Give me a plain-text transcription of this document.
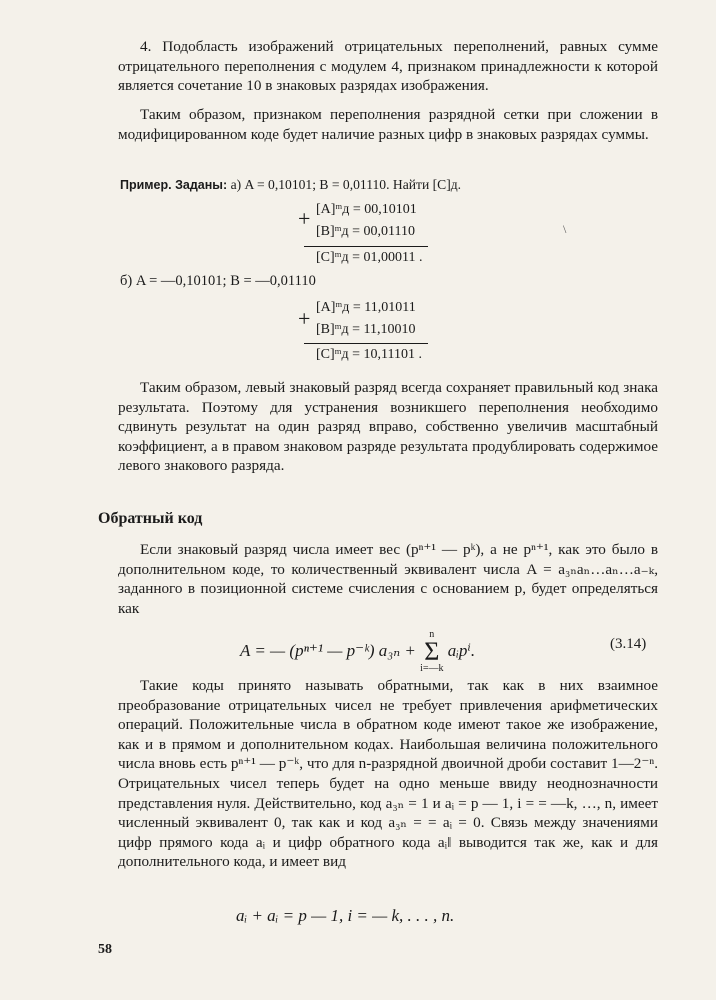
4. Подобласть изображений отрицательных переполнений, равных сумме отрицательного переполнения с модулем 4, признаком принадлежности к которой является сочетание 10 в знаковых разрядах изображения.

Таким образом, признаком переполнения разрядной сетки при сложении в модифицированном коде будет наличие разных цифр в знаковых разрядах суммы.

Пример. Заданы: а) A = 0,10101; B = 0,01110. Найти [C]д.
+ [A]ᵐд = 00,10101
[B]ᵐд = 00,01110
[C]ᵐд = 01,00011 .
\
б) A = —0,10101; B = —0,01110
+ [A]ᵐд = 11,01011
[B]ᵐд = 11,10010
[C]ᵐд = 10,11101 .

Таким образом, левый знаковый разряд всегда сохраняет правильный код знака результата. Поэтому для устранения возникшего переполнения необходимо сдвинуть результат на один разряд вправо, собственно увеличив масштабный коэффициент, а в правом знаковом разряде результата продублировать содержимое левого знакового разряда.

Обратный код

Если знаковый разряд числа имеет вес (pⁿ⁺¹ — pᵏ), а не pⁿ⁺¹, как это было в дополнительном коде, то количественный эквивалент числа A = a₃ₙaₙ…aₙ…a₋ₖ, заданного в позиционной системе счисления с основанием p, будет определяться как

A = — (pⁿ⁺¹ — p⁻ᵏ) a₃ₙ +
n
Σ
i=—k
aᵢpⁱ.	(3.14)

Такие коды принято называть обратными, так как в них взаимное преобразование отрицательных чисел не требует привлечения арифметических операций. Положительные числа в обратном коде имеют такое же изображение, как и в прямом и дополнительном кодах. Наибольшая величина положительного числа вновь есть pⁿ⁺¹ — p⁻ᵏ, что для n-разрядной двоичной дроби составит 1—2⁻ⁿ. Отрицательных чисел теперь будет на одно меньше ввиду неоднозначности представления нуля. Действительно, код a₃ₙ = 1 и aᵢ = p — 1, i = = —k, …, n, имеет численный эквивалент 0, так как и код a₃ₙ = = aᵢ = 0. Связь между значениями цифр прямого кода aᵢ и цифр обратного кода aᵢ‖ выводится так же, как и для дополнительного кода, и имеет вид

aᵢ + aᵢ = p — 1, i = — k, . . . , n.
58
